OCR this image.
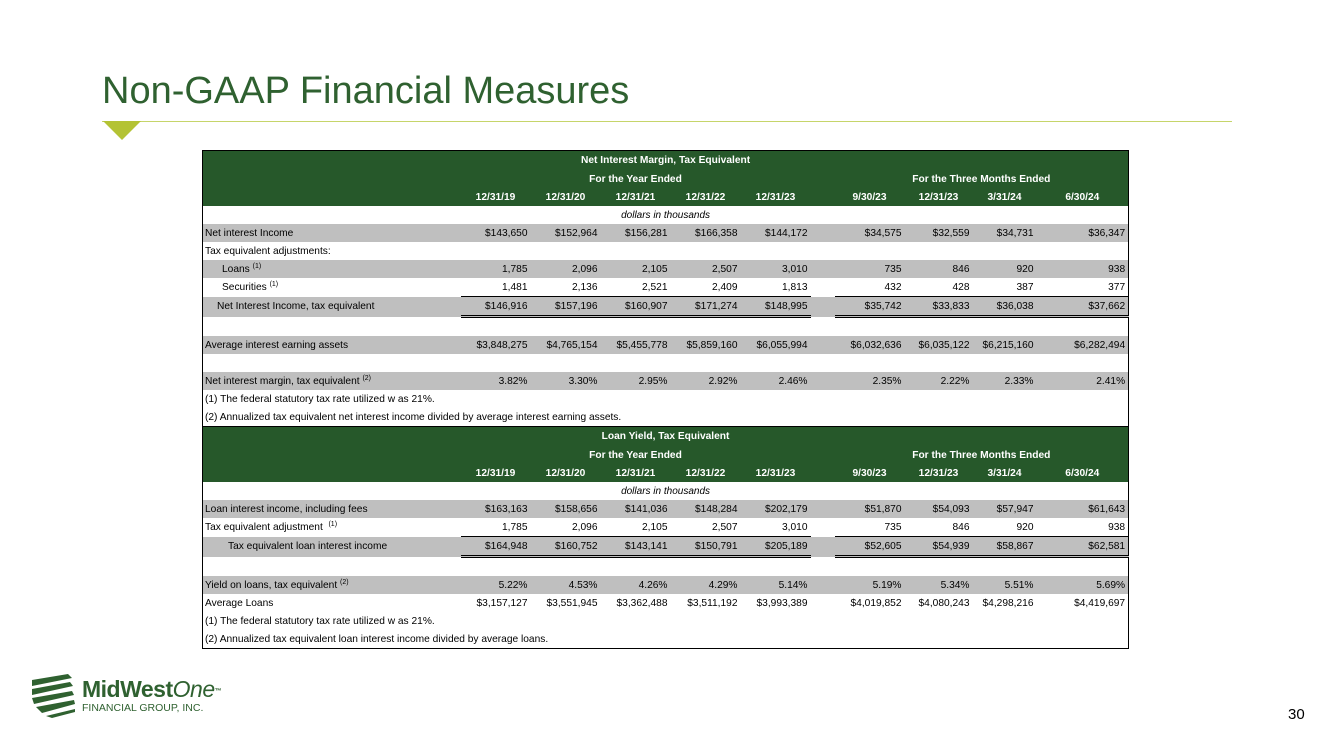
Non-GAAP Financial Measures
Net Interest Margin, Tax Equivalent										
	For the Year Ended						For the Three Months Ended			
	12/31/19	12/31/20	12/31/21	12/31/22	12/31/23		9/30/23	12/31/23	3/31/24	6/30/24
dollars in thousands										
Net interest Income	$143,650	$152,964	$156,281	$166,358	$144,172		$34,575	$32,559	$34,731	$36,347
Tax equivalent adjustments:										
Loans $^{(1)}$	1,785	2,096	2,105	2,507	3,010		735	846	920	938
Securities $^{(1)}$	1,481	2,136	2,521	2,409	1,813		432	428	387	377
Net Interest Income, tax equivalent	$146,916	$157,196	$160,907	$171,274	$148,995		$35,742	$33,833	$36,038	$37,662

Average interest earning assets	$3,848,275	$4,765,154	$5,455,778	$5,859,160	$6,055,994		$6,032,636	$6,035,122	$6,215,160	$6,282,494

Net interest margin, tax equivalent $^{(2)}$	3.82%	3.30%	2.95%	2.92%	2.46%		2.35%	2.22%	2.33%	2.41%
(1) The federal statutory tax rate utilized w as 21%.										
(2) Annualized tax equivalent net interest income divided by average interest earning assets.										
Loan Yield, Tax Equivalent										
	For the Year Ended						For the Three Months Ended			
	12/31/19	12/31/20	12/31/21	12/31/22	12/31/23		9/30/23	12/31/23	3/31/24	6/30/24
dollars in thousands										
Loan interest income, including fees	$163,163	$158,656	$141,036	$148,284	$202,179		$51,870	$54,093	$57,947	$61,643
Tax equivalent adjustment $^{(1)}$	1,785	2,096	2,105	2,507	3,010		735	846	920	938
Tax equivalent loan interest income	$164,948	$160,752	$143,141	$150,791	$205,189		$52,605	$54,939	$58,867	$62,581

Yield on loans, tax equivalent $^{(2)}$	5.22%	4.53%	4.26%	4.29%	5.14%		5.19%	5.34%	5.51%	5.69%
Average Loans	$3,157,127	$3,551,945	$3,362,488	$3,511,192	$3,993,389		$4,019,852	$4,080,243	$4,298,216	$4,419,697
(1) The federal statutory tax rate utilized w as 21%.										
(2) Annualized tax equivalent loan interest income divided by average loans.										
MidWestOne™
FINANCIAL GROUP, INC.	30
